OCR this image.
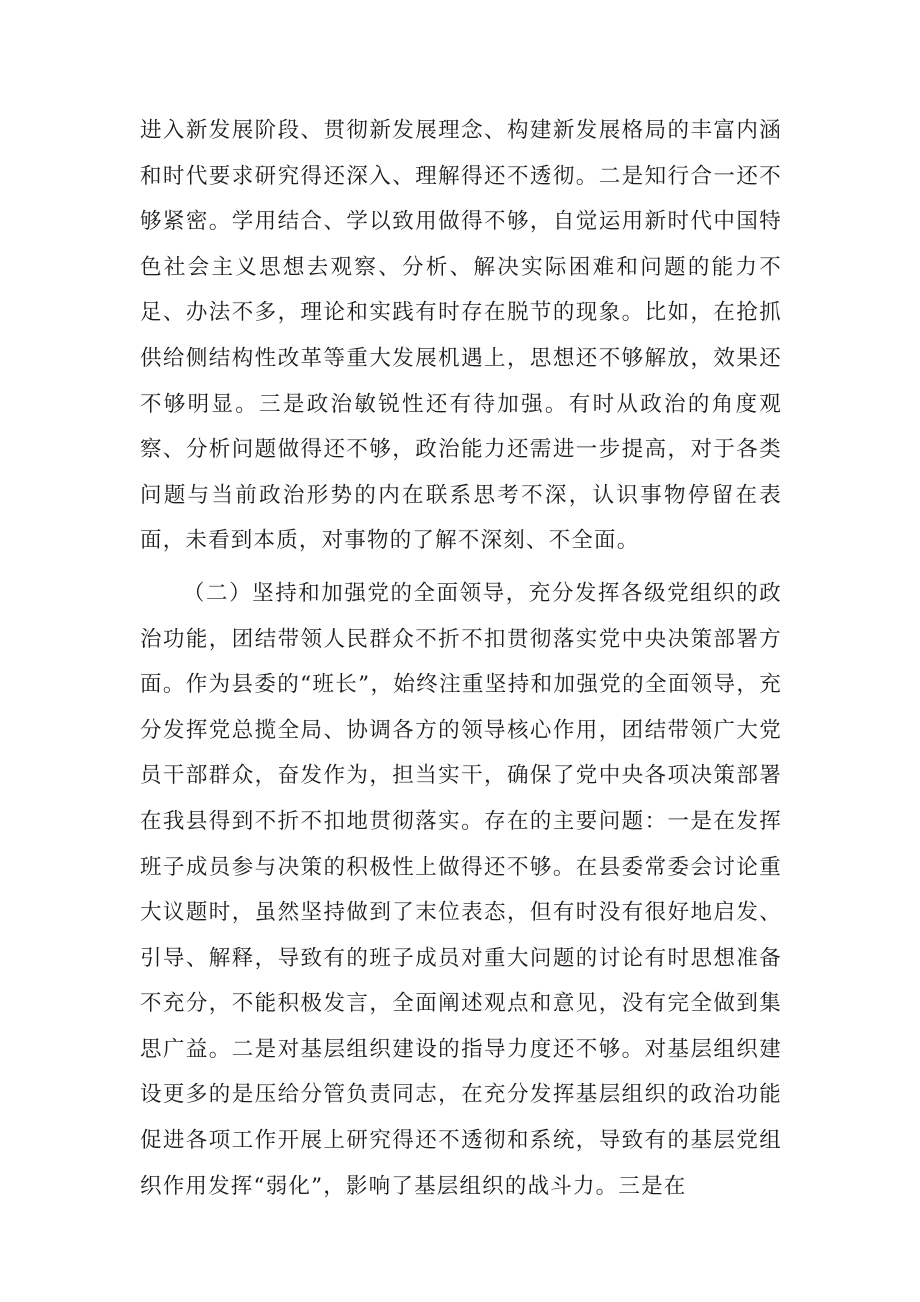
进入新发展阶段、贯彻新发展理念、构建新发展格局的丰富内涵和时代要求研究得还深入、理解得还不透彻。二是知行合一还不够紧密。学用结合、学以致用做得不够，自觉运用新时代中国特色社会主义思想去观察、分析、解决实际困难和问题的能力不足、办法不多，理论和实践有时存在脱节的现象。比如，在抢抓供给侧结构性改革等重大发展机遇上，思想还不够解放，效果还不够明显。三是政治敏锐性还有待加强。有时从政治的角度观察、分析问题做得还不够，政治能力还需进一步提高，对于各类问题与当前政治形势的内在联系思考不深，认识事物停留在表面，未看到本质，对事物的了解不深刻、不全面。

（二）坚持和加强党的全面领导，充分发挥各级党组织的政治功能，团结带领人民群众不折不扣贯彻落实党中央决策部署方面。作为县委的“班长”，始终注重坚持和加强党的全面领导，充分发挥党总揽全局、协调各方的领导核心作用，团结带领广大党员干部群众，奋发作为，担当实干，确保了党中央各项决策部署在我县得到不折不扣地贯彻落实。存在的主要问题：一是在发挥班子成员参与决策的积极性上做得还不够。在县委常委会讨论重大议题时，虽然坚持做到了末位表态，但有时没有很好地启发、引导、解释，导致有的班子成员对重大问题的讨论有时思想准备不充分，不能积极发言，全面阐述观点和意见，没有完全做到集思广益。二是对基层组织建设的指导力度还不够。对基层组织建设更多的是压给分管负责同志，在充分发挥基层组织的政治功能促进各项工作开展上研究得还不透彻和系统，导致有的基层党组织作用发挥“弱化”，影响了基层组织的战斗力。三是在
